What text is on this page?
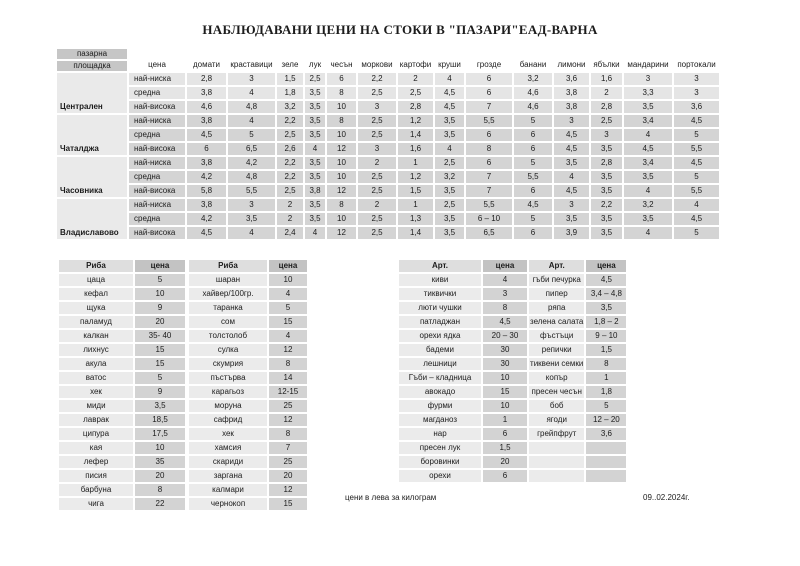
НАБЛЮДАВАНИ ЦЕНИ НА СТОКИ В "ПАЗАРИ"ЕАД-ВАРНА
пазарна	цена	домати	краставици	зеле	лук	чесън	моркови	картофи	круши	грозде	банани	лимони	ябълки	мандарини	портокали
площадка															
Централен	най-ниска	2,8	3	1,5	2,5	6	2,2	2	4	6	3,2	3,6	1,6	3	3
	средна	3,8	4	1,8	3,5	8	2,5	2,5	4,5	6	4,6	3,8	2	3,3	3
	най-висока	4,6	4,8	3,2	3,5	10	3	2,8	4,5	7	4,6	3,8	2,8	3,5	3,6
Чаталджа	най-ниска	3,8	4	2,2	3,5	8	2,5	1,2	3,5	5,5	5	3	2,5	3,4	4,5
	средна	4,5	5	2,5	3,5	10	2,5	1,4	3,5	6	6	4,5	3	4	5
	най-висока	6	6,5	2,6	4	12	3	1,6	4	8	6	4,5	3,5	4,5	5,5
Часовника	най-ниска	3,8	4,2	2,2	3,5	10	2	1	2,5	6	5	3,5	2,8	3,4	4,5
	средна	4,2	4,8	2,2	3,5	10	2,5	1,2	3,2	7	5,5	4	3,5	3,5	5
	най-висока	5,8	5,5	2,5	3,8	12	2,5	1,5	3,5	7	6	4,5	3,5	4	5,5
Владиславово	най-ниска	3,8	3	2	3,5	8	2	1	2,5	5,5	4,5	3	2,2	3,2	4
	средна	4,2	3,5	2	3,5	10	2,5	1,3	3,5	6 – 10	5	3,5	3,5	3,5	4,5
	най-висока	4,5	4	2,4	4	12	2,5	1,4	3,5	6,5	6	3,9	3,5	4	5
Риба	цена
цаца	5
кефал	10
щука	9
паламуд	20
калкан	35- 40
лихнус	15
акула	15
ватос	5
хек	9
миди	3,5
лаврак	18,5
ципура	17,5
кая	10
лефер	35
писия	20
барбуна	8
чига	22
Риба	цена
шаран	10
хайвер/100гр.	4
таранка	5
сом	15
толстолоб	4
сулка	12
скумрия	8
пъстърва	14
карагьоз	12-15
моруна	25
сафрид	12
хек	8
хамсия	7
скариди	25
заргана	20
калмари	12
чернокоп	15
Арт.	цена	Арт.	цена
киви	4	гъби печурка	4,5
тиквички	3	пипер	3,4 – 4,8
люти чушки	8	ряпа	3,5
патладжан	4,5	зелена салата	1,8 – 2
орехи ядка	20 – 30	фъстъци	9 – 10
бадеми	30	репички	1,5
лешници	30	тиквени семки	8
Гъби – кладница	10	копър	1
авокадо	15	пресен чесън	1,8
фурми	10	боб	5
магданоз	1	ягоди	12 – 20
нар	6	грейпфрут	3,6
пресен лук	1,5		
боровинки	20		
орехи	6		
цени в лева за килограм	09..02.2024г.
